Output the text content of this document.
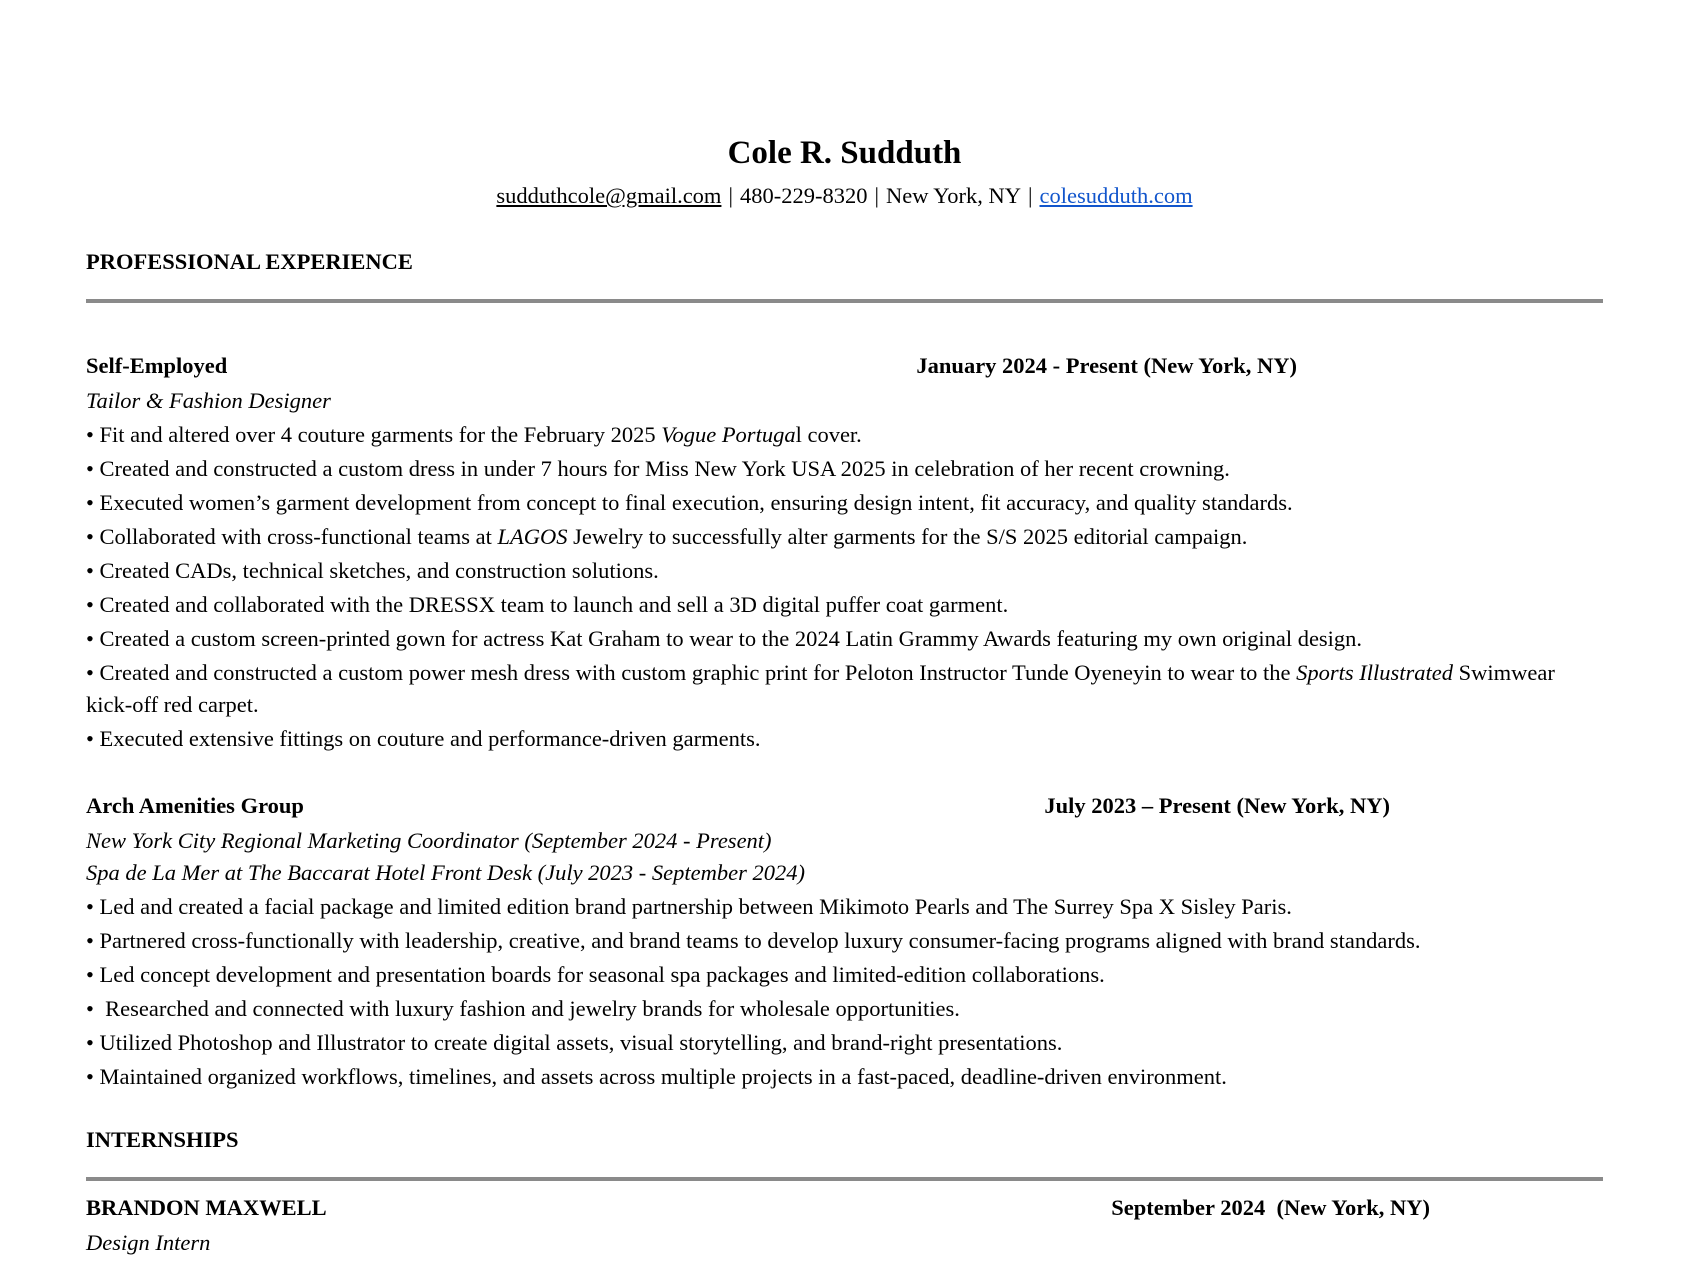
Cole R. Sudduth

sudduthcole@gmail.com | 480-229-8320 | New York, NY | colesudduth.com

PROFESSIONAL EXPERIENCE
Self-Employed	January 2024 - Present (New York, NY)

Tailor & Fashion Designer

• Fit and altered over 4 couture garments for the February 2025 Vogue Portugal cover.

• Created and constructed a custom dress in under 7 hours for Miss New York USA 2025 in celebration of her recent crowning.

• Executed women’s garment development from concept to final execution, ensuring design intent, fit accuracy, and quality standards.

• Collaborated with cross-functional teams at LAGOS Jewelry to successfully alter garments for the S/S 2025 editorial campaign.

• Created CADs, technical sketches, and construction solutions.

• Created and collaborated with the DRESSX team to launch and sell a 3D digital puffer coat garment.

• Created a custom screen-printed gown for actress Kat Graham to wear to the 2024 Latin Grammy Awards featuring my own original design.

• Created and constructed a custom power mesh dress with custom graphic print for Peloton Instructor Tunde Oyeneyin to wear to the Sports Illustrated Swimwear kick-off red carpet.

• Executed extensive fittings on couture and performance-driven garments.

Arch Amenities Group	July 2023 – Present (New York, NY)

New York City Regional Marketing Coordinator (September 2024 - Present)

Spa de La Mer at The Baccarat Hotel Front Desk (July 2023 - September 2024)

• Led and created a facial package and limited edition brand partnership between Mikimoto Pearls and The Surrey Spa X Sisley Paris.

• Partnered cross-functionally with leadership, creative, and brand teams to develop luxury consumer-facing programs aligned with brand standards.

• Led concept development and presentation boards for seasonal spa packages and limited-edition collaborations.

•  Researched and connected with luxury fashion and jewelry brands for wholesale opportunities.

• Utilized Photoshop and Illustrator to create digital assets, visual storytelling, and brand-right presentations.

• Maintained organized workflows, timelines, and assets across multiple projects in a fast-paced, deadline-driven environment.

INTERNSHIPS
BRANDON MAXWELL	September 2024  (New York, NY)

Design Intern
